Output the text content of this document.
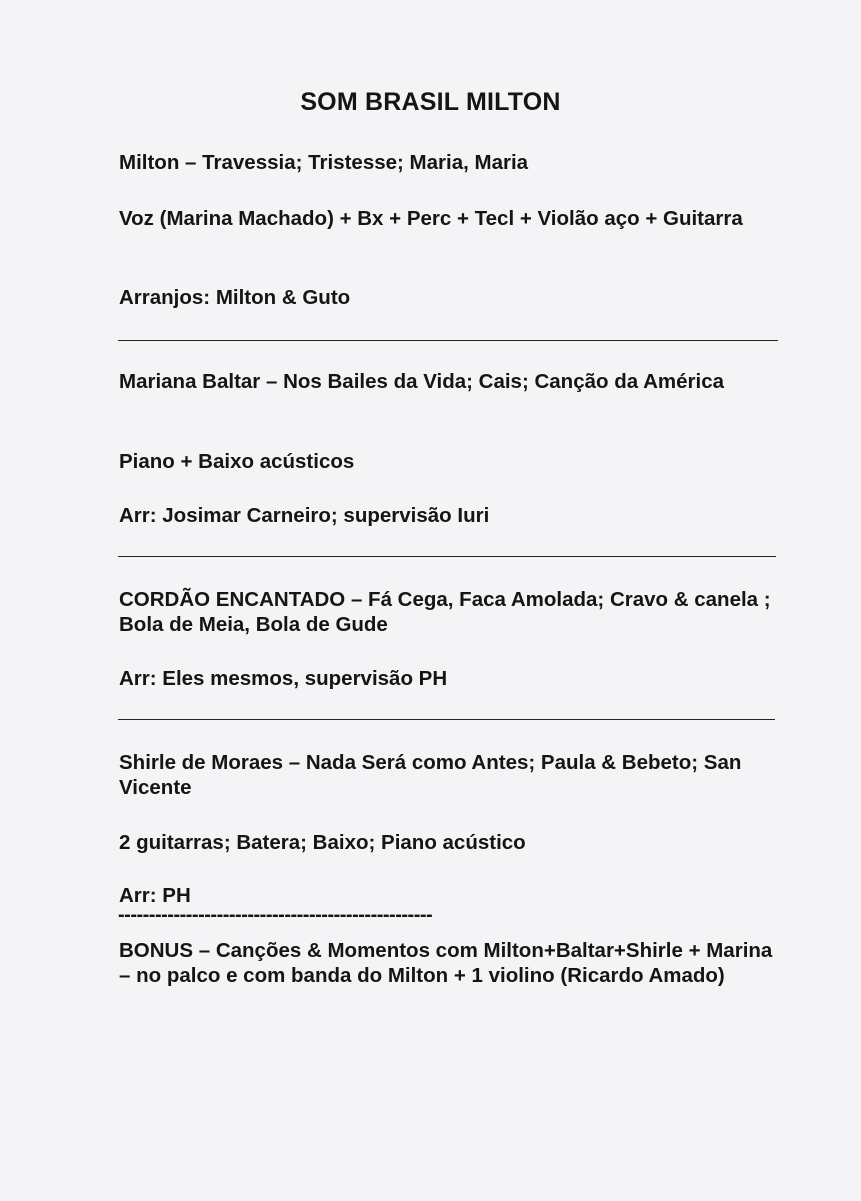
SOM BRASIL MILTON

Milton – Travessia; Tristesse; Maria, Maria

Voz (Marina Machado) + Bx + Perc + Tecl + Violão aço + Guitarra

Arranjos: Milton & Guto

Mariana Baltar – Nos Bailes da Vida; Cais; Canção da América

Piano + Baixo acústicos

Arr: Josimar Carneiro; supervisão Iuri

CORDÃO ENCANTADO – Fá Cega, Faca Amolada; Cravo & canela ; Bola de Meia, Bola de Gude

Arr: Eles mesmos, supervisão PH

Shirle de Moraes – Nada Será como Antes; Paula & Bebeto; San Vicente

2 guitarras; Batera; Baixo; Piano acústico

Arr: PH

---------------------------------------------------

BONUS – Canções & Momentos com Milton+Baltar+Shirle + Marina – no palco e com banda do Milton + 1 violino (Ricardo Amado)
